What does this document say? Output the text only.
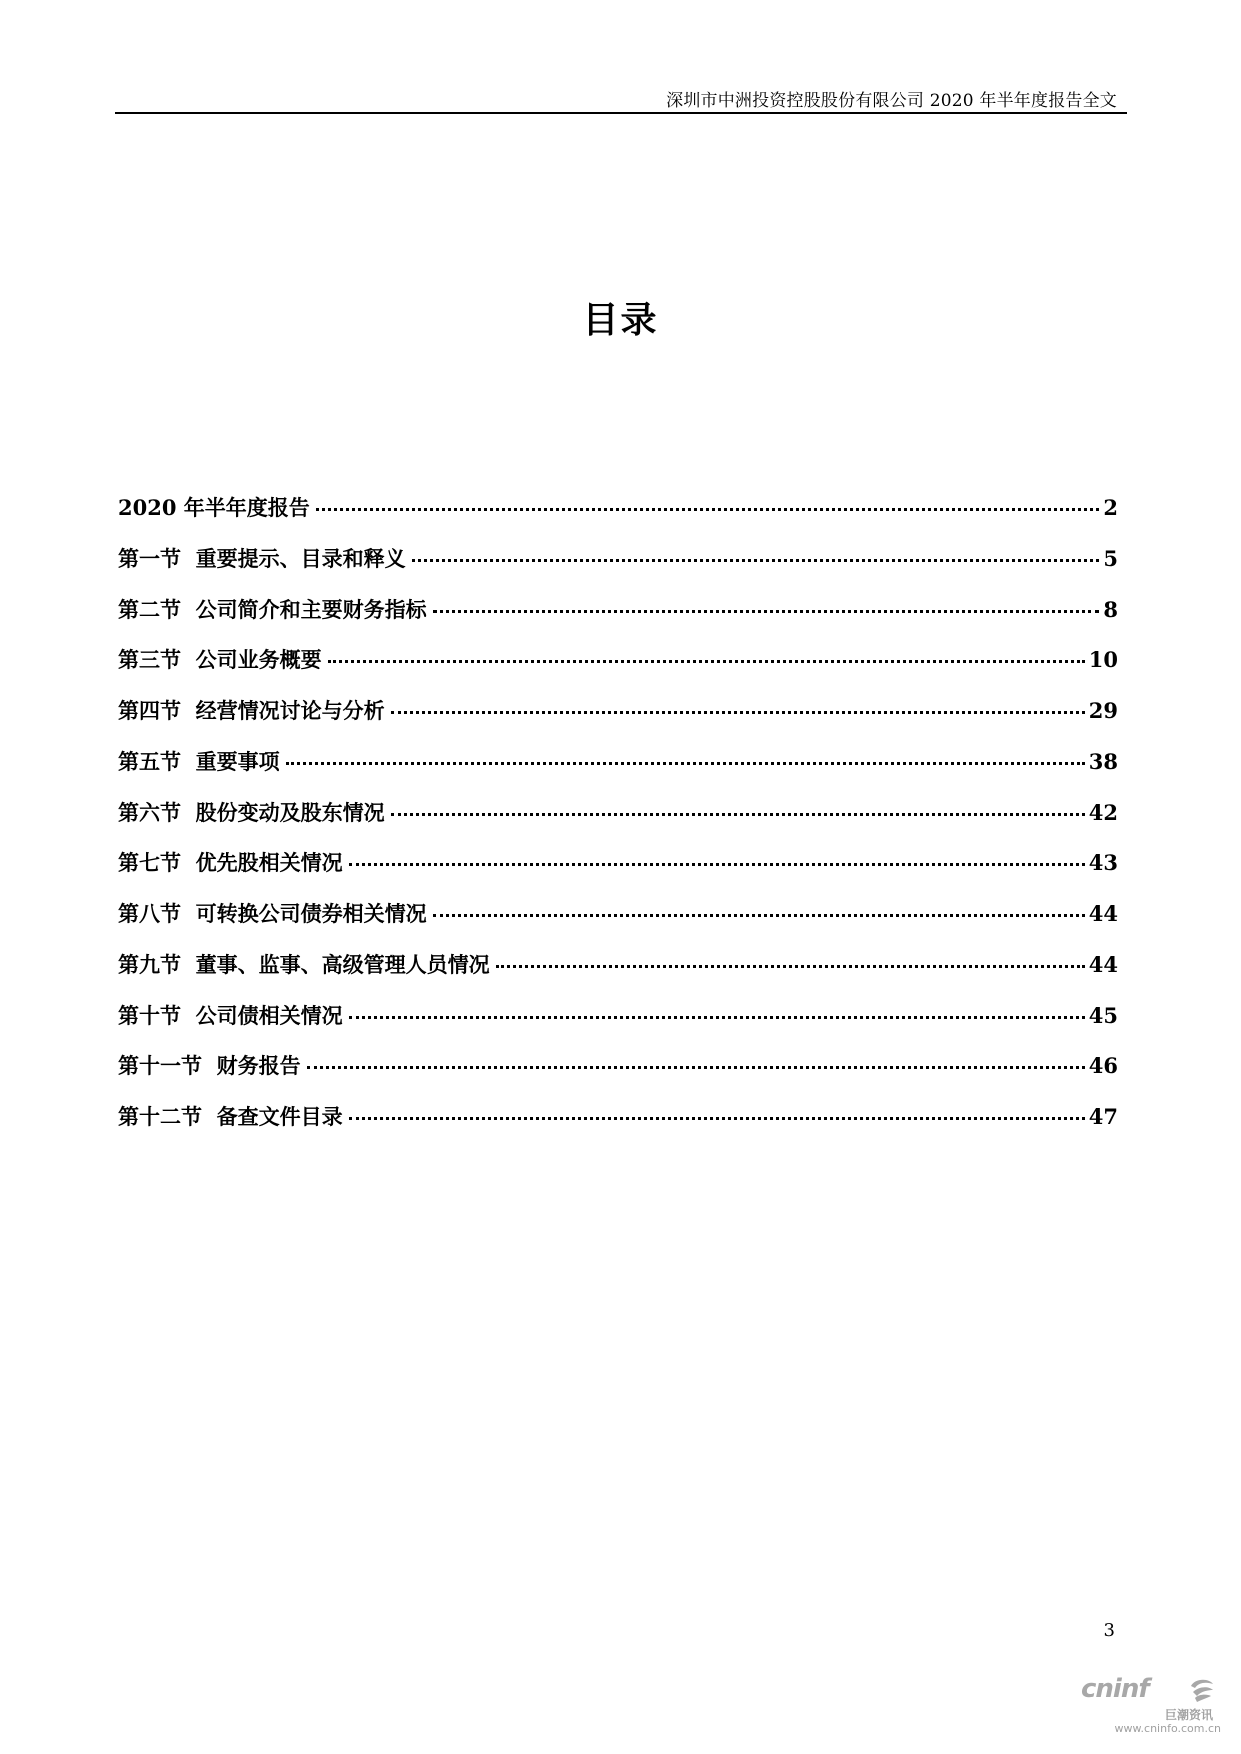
深圳市中洲投资控股股份有限公司 2020 年半年度报告全文
目录
2020 年半年度报告	2
第一节  重要提示、目录和释义	5
第二节  公司简介和主要财务指标	8
第三节  公司业务概要	10
第四节  经营情况讨论与分析	29
第五节  重要事项	38
第六节  股份变动及股东情况	42
第七节  优先股相关情况	43
第八节  可转换公司债券相关情况	44
第九节  董事、监事、高级管理人员情况	44
第十节  公司债相关情况	45
第十一节  财务报告	46
第十二节  备查文件目录	47
3
cninf
巨潮资讯
www.cninfo.com.cn
